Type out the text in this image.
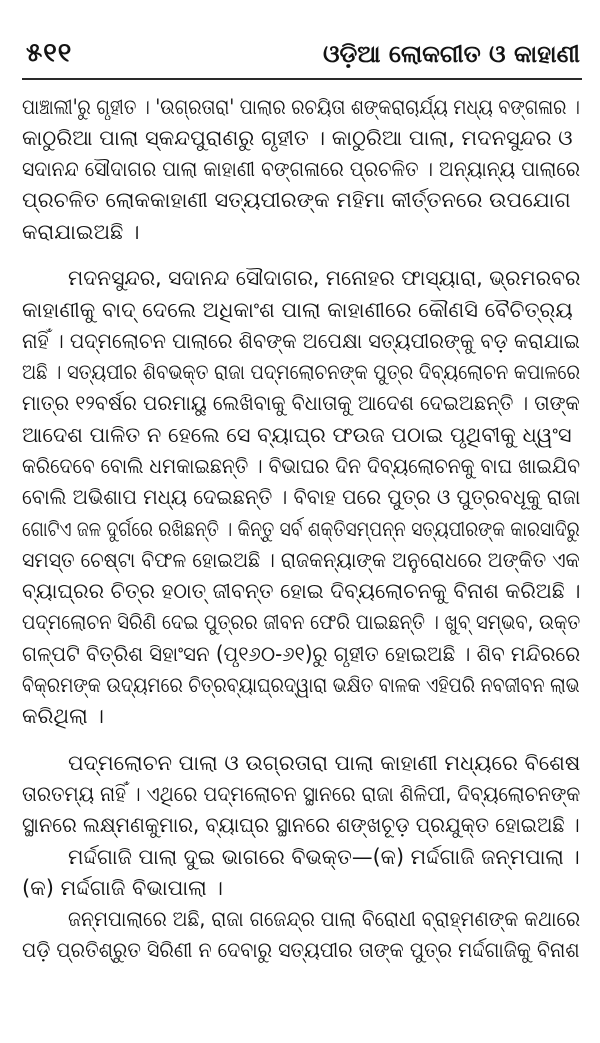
୫୧୧	ଓଡ଼ିଆ ଲୋକଗୀତ ଓ କାହାଣୀ
ପାଞ୍ଚାଲୀ'ରୁ ଗୃହୀତ । 'ଉଗ୍ରତାରା' ପାଲାର ରଚୟିତା ଶଙ୍କରାଚାର୍ଯ୍ୟ ମଧ୍ୟ ବଙ୍ଗଳାର ।
କାଠୁରିଆ ପାଲା ସ୍କନ୍ଦପୁରାଣରୁ ଗୃହୀତ । କାଠୁରିଆ ପାଲା, ମଦନସୁନ୍ଦର ଓ
ସଦାନନ୍ଦ ସୌଦାଗର ପାଲା କାହାଣୀ ବଙ୍ଗଳାରେ ପ୍ରଚଳିତ । ଅନ୍ୟାନ୍ୟ ପାଲାରେ
ପ୍ରଚଳିତ ଲୋକକାହାଣୀ ସତ୍ୟପୀରଙ୍କ ମହିମା କୀର୍ତ୍ତନରେ ଉପଯୋଗ
କରାଯାଇଅଛି ।
ମଦନସୁନ୍ଦର, ସଦାନନ୍ଦ ସୌଦାଗର, ମନୋହର ଫାସ୍ୟାରା, ଭ୍ରମରବର
କାହାଣୀକୁ ବାଦ୍ ଦେଲେ ଅଧିକାଂଶ ପାଲା କାହାଣୀରେ କୌଣସି ବୈଚିତ୍ର୍ୟ
ନାହିଁ । ପଦ୍ମଲୋଚନ ପାଲାରେ ଶିବଙ୍କ ଅପେକ୍ଷା ସତ୍ୟପୀରଙ୍କୁ ବଡ଼ କରାଯାଇ
ଅଛି । ସତ୍ୟପୀର ଶିବଭକ୍ତ ରାଜା ପଦ୍ମଲୋଚନଙ୍କ ପୁତ୍ର ଦିବ୍ୟଲୋଚନ କପାଳରେ
ମାତ୍ର ୧୨ବର୍ଷର ପରମାୟୁ ଲେଖିବାକୁ ବିଧାତାକୁ ଆଦେଶ ଦେଇଅଛନ୍ତି । ତାଙ୍କ
ଆଦେଶ ପାଳିତ ନ ହେଲେ ସେ ବ୍ୟାଘ୍ର ଫଉଜ ପଠାଇ ପୃଥିବୀକୁ ଧ୍ୱଂସ
କରିଦେବେ ବୋଲି ଧମକାଇଛନ୍ତି । ବିଭାଘର ଦିନ ଦିବ୍ୟଲୋଚନକୁ ବାଘ ଖାଇଯିବ
ବୋଲି ଅଭିଶାପ ମଧ୍ୟ ଦେଇଛନ୍ତି । ବିବାହ ପରେ ପୁତ୍ର ଓ ପୁତ୍ରବଧୂକୁ ରାଜା
ଗୋଟିଏ ଜଳ ଦୁର୍ଗରେ ରଖିଛନ୍ତି । କିନ୍ତୁ ସର୍ବ ଶକ୍ତିସମ୍ପନ୍ନ ସତ୍ୟପୀରଙ୍କ କାରସାଦିରୁ
ସମସ୍ତ ଚେଷ୍ଟା ବିଫଳ ହୋଇଅଛି । ରାଜକନ୍ୟାଙ୍କ ଅନୁରୋଧରେ ଅଙ୍କିତ ଏକ
ବ୍ୟାଘ୍ରର ଚିତ୍ର ହଠାତ୍ ଜୀବନ୍ତ ହୋଇ ଦିବ୍ୟଲୋଚନକୁ ବିନାଶ କରିଅଛି ।
ପଦ୍ମଲୋଚନ ସିରିଣି ଦେଇ ପୁତ୍ରର ଜୀବନ ଫେରି ପାଇଛନ୍ତି । ଖୁବ୍ ସମ୍ଭବ, ଉକ୍ତ
ଗଳ୍ପଟି ବିତ୍ରିଶ ସିହାଂସନ (ପୃ୧୬୦-୬୧)ରୁ ଗୃହୀତ ହୋଇଅଛି । ଶିବ ମନ୍ଦିରରେ
ବିକ୍ରମଙ୍କ ଉଦ୍ୟମରେ ଚିତ୍ରବ୍ୟାଘ୍ରଦ୍ୱାରା ଭକ୍ଷିତ ବାଳକ ଏହିପରି ନବଜୀବନ ଲାଭ
କରିଥିଲା ।
ପଦ୍ମଲୋଚନ ପାଲା ଓ ଉଗ୍ରତାରା ପାଲା କାହାଣୀ ମଧ୍ୟରେ ବିଶେଷ
ତାରତମ୍ୟ ନାହିଁ । ଏଥିରେ ପଦ୍ମଲୋଚନ ସ୍ଥାନରେ ରାଜା ଶିଳିପୀ, ଦିବ୍ୟଲୋଚନଙ୍କ
ସ୍ଥାନରେ ଲକ୍ଷ୍ମଣକୁମାର, ବ୍ୟାଘ୍ର ସ୍ଥାନରେ ଶଙ୍ଖଚୂଡ଼ ପ୍ରଯୁକ୍ତ ହୋଇଅଛି ।
ମର୍ଦ୍ଦଗାଜି ପାଲା ଦୁଇ ଭାଗରେ ବିଭକ୍ତ—(କ) ମର୍ଦ୍ଦଗାଜି ଜନ୍ମପାଲା ।
(କ) ମର୍ଦ୍ଦଗାଜି ବିଭାପାଲା ।
ଜନ୍ମପାଲାରେ ଅଛି, ରାଜା ଗଜେନ୍ଦ୍ର ପାଲା ବିରୋଧୀ ବ୍ରାହ୍ମଣଙ୍କ କଥାରେ
ପଡ଼ି ପ୍ରତିଶ୍ରୁତ ସିରିଣୀ ନ ଦେବାରୁ ସତ୍ୟପୀର ତାଙ୍କ ପୁତ୍ର ମର୍ଦ୍ଦଗାଜିକୁ ବିନାଶ
